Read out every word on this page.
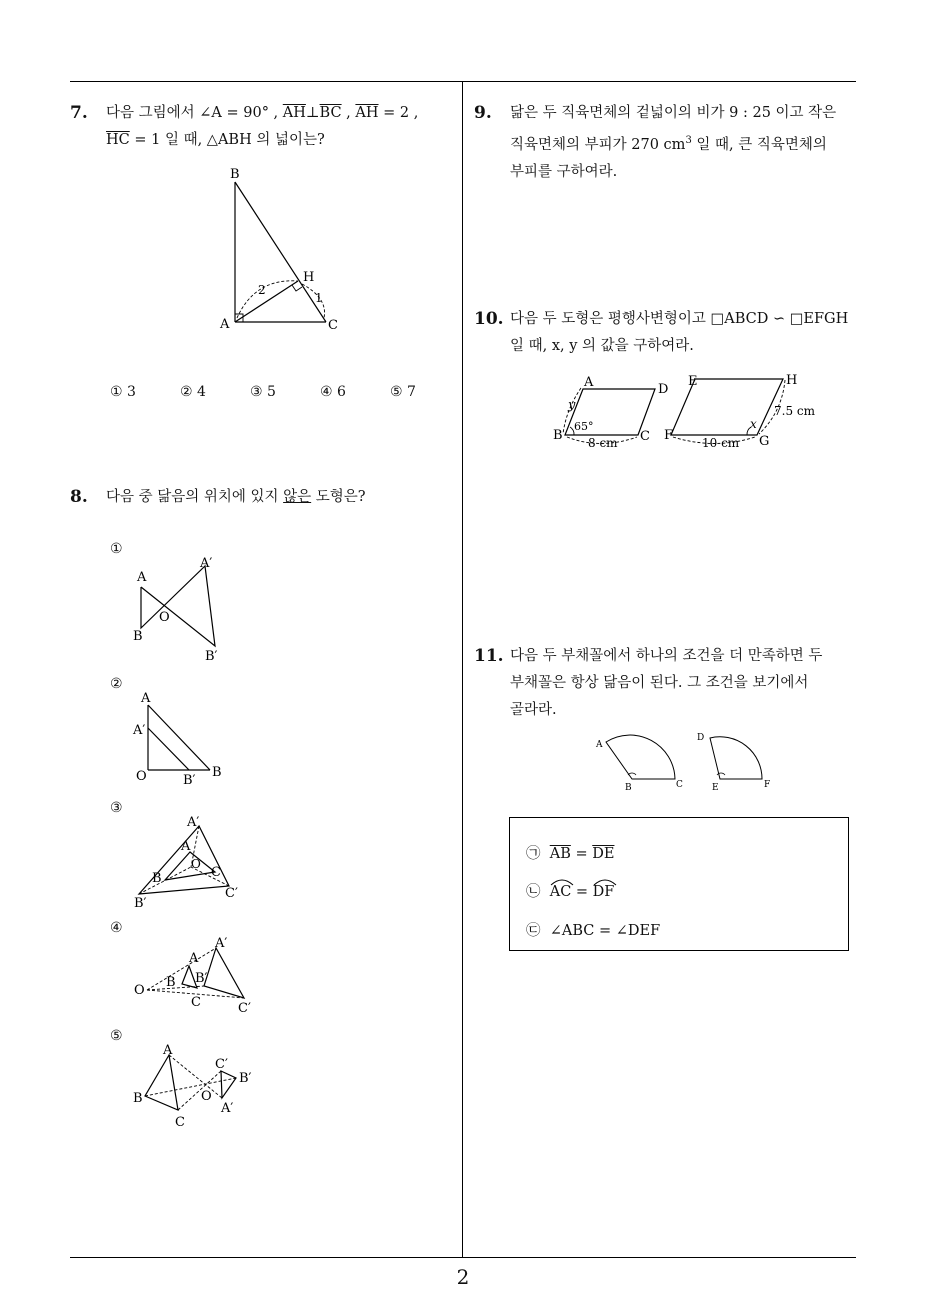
2
7. 다음 그림에서 ∠A = 90° , $\overline{AH}\perp\overline{BC}$ , $\overline{AH} = 2$ ,
$\overline{HC} = 1$ 일 때, △ABH 의 넓이는?
B
A	C
H
2
1
① 3	② 4	③ 5	④ 6	⑤ 7
8. 다음 중 닮음의 위치에 있지 않은 도형은?
①
A
A′
O
B
B′
②
A
A′
O	B′
B
③
A′
A
O
B	C
B′
C′
④
A′
A
B′
O
B
C	C′
⑤
A
C′
B′
B	O
A′
C
9. 닮은 두 직육면체의 겉넓이의 비가 9 : 25 이고 작은
직육면체의 부피가 270 $cm^3$ 일 때, 큰 직육면체의
부피를 구하여라.
10. 다음 두 도형은 평행사변형이고 □ABCD ∽ □EFGH
일 때, x, y 의 값을 구하여라.
A	D
B	C
y
65°
8 cm
E	H
F	G
x
10 cm
7.5 cm
11. 다음 두 부채꼴에서 하나의 조건을 더 만족하면 두
부채꼴은 항상 닮음이 된다. 그 조건을 보기에서
골라라.
A
B	C
D
E	F
㉠ $\overline{AB} = \overline{DE}$
㉡ AC =
DF
㉢ ∠ABC = ∠DEF
